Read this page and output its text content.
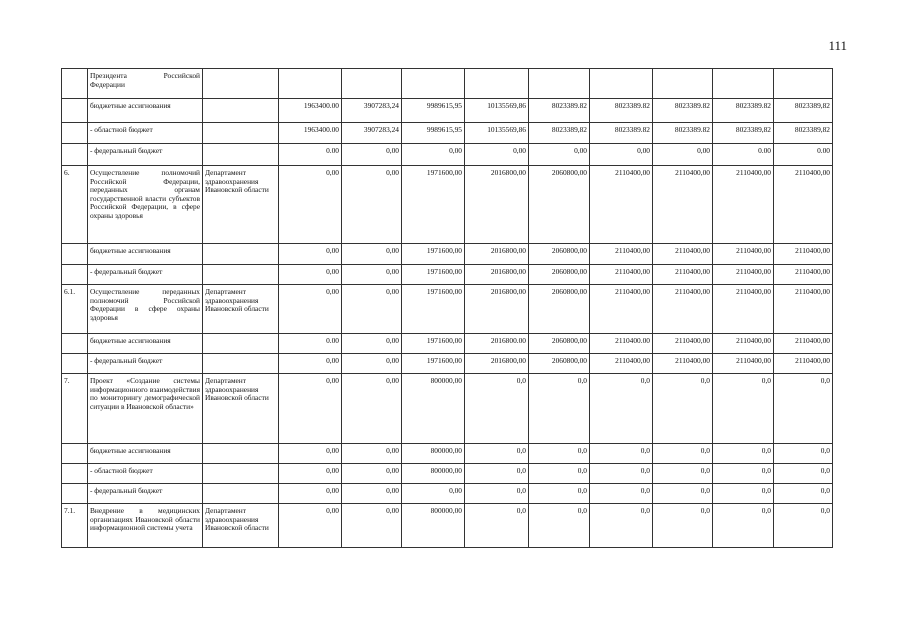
111
	Президента Российской Федерации										
	бюджетные ассигнования		1963400.00	3907283,24	9989615,95	10135569,86	8023389.82	8023389.82	8023389.82	8023389.82	8023389,82
	- областной бюджет		1963400.00	3907283,24	9989615,95	10135569,86	8023389,82	8023389.82	8023389.82	8023389,82	8023389,82
	- федеральный бюджет		0.00	0,00	0,00	0,00	0,00	0,00	0,00	0.00	0.00
6.	Осуществление полномочий Российской Федерации, переданных органам государственной власти субъектов Российской Федерации, в сфере охраны здоровья	Департамент здравоохранения Ивановской области	0,00	0,00	1971600,00	2016800,00	2060800,00	2110400,00	2110400,00	2110400,00	2110400,00
	бюджетные ассигнования		0,00	0,00	1971600,00	2016800,00	2060800,00	2110400,00	2110400,00	2110400,00	2110400,00
	- федеральный бюджет		0,00	0,00	1971600,00	2016800,00	2060800,00	2110400,00	2110400,00	2110400,00	2110400,00
6.1.	Осуществление переданных полномочий Российской Федерации в сфере охраны здоровья	Департамент здравоохранения Ивановской области	0,00	0,00	1971600,00	2016800,00	2060800,00	2110400,00	2110400,00	2110400,00	2110400,00
	бюджетные ассигнования		0.00	0,00	1971600,00	2016800.00	2060800,00	2110400.00	2110400,00	2110400,00	2110400,00
	- федеральный бюджет		0,00	0,00	1971600,00	2016800,00	2060800,00	2110400,00	2110400,00	2110400,00	2110400,00
7.	Проект «Создание системы информационного взаимодействия по мониторингу демографической ситуации в Ивановской области»	Департамент здравоохранения Ивановской области	0,00	0,00	800000,00	0,0	0,0	0,0	0,0	0,0	0,0
	бюджетные ассигнования		0,00	0,00	800000,00	0,0	0,0	0,0	0,0	0,0	0,0
	- областной бюджет		0,00	0,00	800000,00	0,0	0,0	0,0	0,0	0,0	0,0
	- федеральный бюджет		0,00	0,00	0,00	0,0	0,0	0,0	0,0	0,0	0,0
7.1.	Внедрение в медицинских организациях Ивановской области информационной системы учета	Департамент здравоохранения Ивановской области	0,00	0,00	800000,00	0,0	0,0	0,0	0,0	0,0	0,0
